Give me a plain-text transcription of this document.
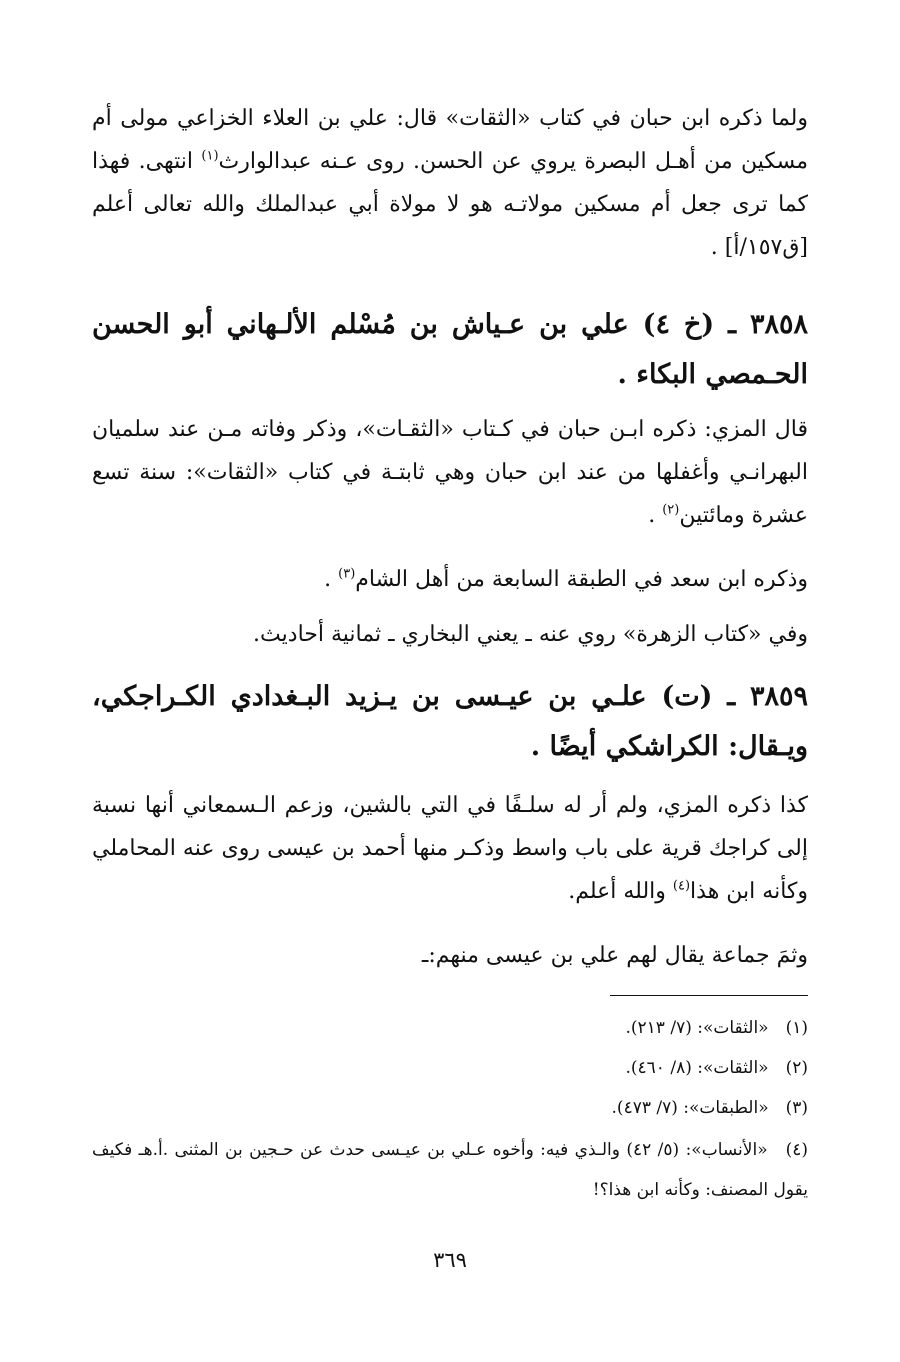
ولما ذكره ابن حبان في كتاب «الثقات» قال: علي بن العلاء الخزاعي مولى أم مسكين من أهـل البصرة يروي عن الحسن. روى عـنه عبدالوارث$^{(١)}$ انتهى. فهذا كما ترى جعل أم مسكين مولاتـه هو لا مولاة أبي عبدالملك والله تعالى أعلم [ق١٥٧/أ] .
٣٨٥٨ ـ (خ ٤) علي بن عـياش بن مُسْلم الألـهاني أبو الحسن الحـمصي البكاء .
قال المزي: ذكره ابـن حبان في كـتاب «الثقـات»، وذكر وفاته مـن عند سلميان البهرانـي وأغفلها من عند ابن حبان وهي ثابتـة في كتاب «الثقات»: سنة تسع عشرة ومائتين$^{(٢)}$ .
وذكره ابن سعد في الطبقة السابعة من أهل الشام$^{(٣)}$ .
وفي «كتاب الزهرة» روي عنه ـ يعني البخاري ـ ثمانية أحاديث.
٣٨٥٩ ـ (ت) علـي بن عيـسى بن يـزيد البـغدادي الكـراجكي، ويـقال: الكراشكي أيضًا .
كذا ذكره المزي، ولم أر له سلـفًا في التي بالشين، وزعم الـسمعاني أنها نسبة إلى كراجك قرية على باب واسط وذكـر منها أحمد بن عيسى روى عنه المحاملي وكأنه ابن هذا$^{(٤)}$ والله أعلم.
وثمَ جماعة يقال لهم علي بن عيسى منهم:ـ
(١) «الثقات»: (٧/ ٢١٣).
(٢) «الثقات»: (٨/ ٤٦٠).
(٣) «الطبقات»: (٧/ ٤٧٣).
(٤) «الأنساب»: (٥/ ٤٢) والـذي فيه: وأخوه عـلي بن عيـسى حدث عن حـجين بن المثنى .أ.هـ فكيف يقول المصنف: وكأنه ابن هذا؟!
٣٦٩
